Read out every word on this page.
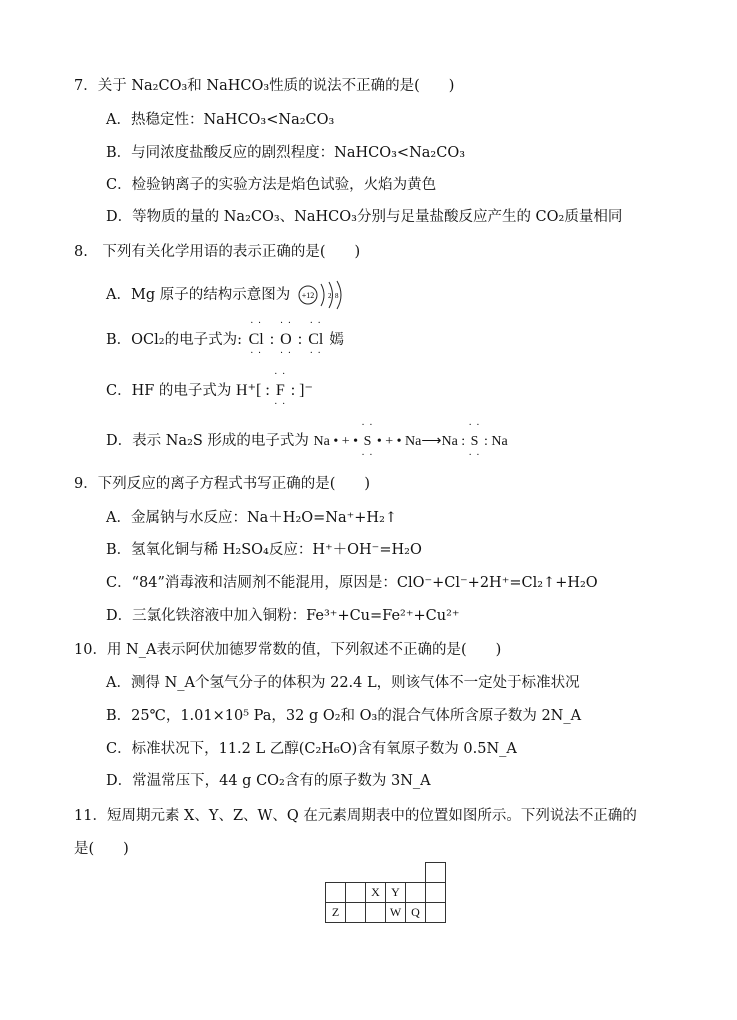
7．关于 Na₂CO₃和 NaHCO₃性质的说法不正确的是(　　)
A．热稳定性：NaHCO₃<Na₂CO₃
B．与同浓度盐酸反应的剧烈程度：NaHCO₃<Na₂CO₃
C．检验钠离子的实验方法是焰色试验，火焰为黄色
D．等物质的量的 Na₂CO₃、NaHCO₃分别与足量盐酸反应产生的 CO₂质量相同
8.　下列有关化学用语的表示正确的是(　　)
A．Mg 原子的结构示意图为 +12 2 8
B．OCl₂的电子式为: · · Cl · · : · · O · · : · · Cl · · 嫣
C．HF 的电子式为 H⁺[ : · · F · · : ]⁻
D．表示 Na₂S 形成的电子式为 Na • + • · · S · · • + • Na⟶Na : · · S · · : Na
9．下列反应的离子方程式书写正确的是(　　)
A．金属钠与水反应：Na＋H₂O=Na⁺+H₂↑
B．氢氧化铜与稀 H₂SO₄反应：H⁺＋OH⁻=H₂O
C．“84”消毒液和洁厕剂不能混用，原因是：ClO⁻+Cl⁻+2H⁺=Cl₂↑+H₂O
D．三氯化铁溶液中加入铜粉：Fe³⁺+Cu=Fe²⁺+Cu²⁺
10．用 N_A表示阿伏加德罗常数的值，下列叙述不正确的是(　　)
A．测得 N_A个氢气分子的体积为 22.4 L，则该气体不一定处于标准状况
B．25℃，1.01×10⁵ Pa，32 g O₂和 O₃的混合气体所含原子数为 2N_A
C．标准状况下，11.2 L 乙醇(C₂H₆O)含有氧原子数为 0.5N_A
D．常温常压下，44 g CO₂含有的原子数为 3N_A
11．短周期元素 X、Y、Z、W、Q 在元素周期表中的位置如图所示。下列说法不正确的
是(　　)

		X	Y		
Z			W	Q	
